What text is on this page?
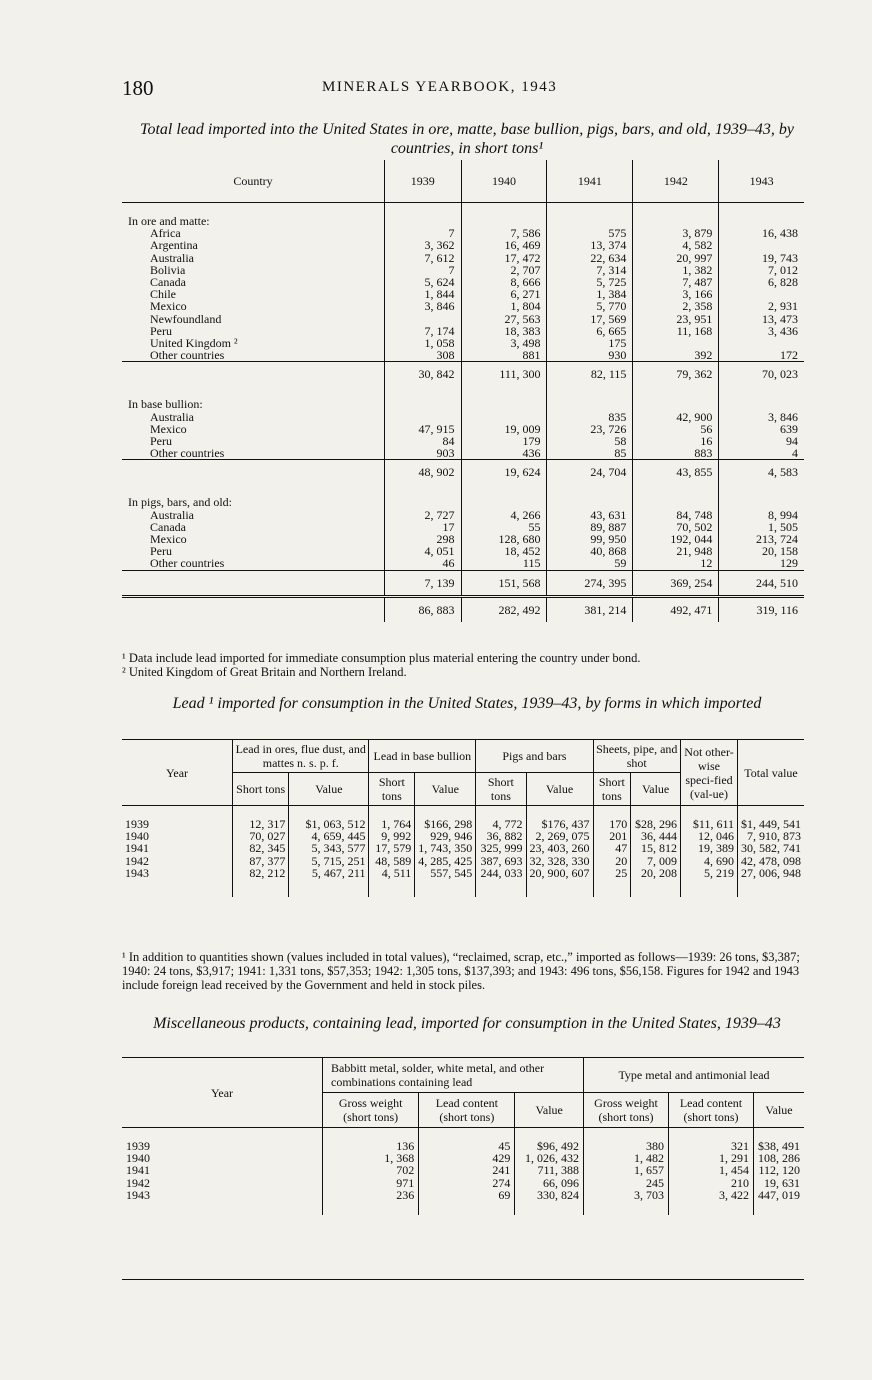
180	MINERALS YEARBOOK, 1943
Total lead imported into the United States in ore, matte, base bullion, pigs, bars, and old, 1939–43, by countries, in short tons¹
Country	1939	1940	1941	1942	1943

In ore and matte:					
Africa	7	7, 586	575	3, 879	16, 438
Argentina	3, 362	16, 469	13, 374	4, 582	
Australia	7, 612	17, 472	22, 634	20, 997	19, 743
Bolivia	7	2, 707	7, 314	1, 382	7, 012
Canada	5, 624	8, 666	5, 725	7, 487	6, 828
Chile	1, 844	6, 271	1, 384	3, 166	
Mexico	3, 846	1, 804	5, 770	2, 358	2, 931
Newfoundland		27, 563	17, 569	23, 951	13, 473
Peru	7, 174	18, 383	6, 665	11, 168	3, 436
United Kingdom ²	1, 058	3, 498	175		
Other countries	308	881	930	392	172
	30, 842	111, 300	82, 115	79, 362	70, 023

In base bullion:					
Australia			835	42, 900	3, 846
Mexico	47, 915	19, 009	23, 726	56	639
Peru	84	179	58	16	94
Other countries	903	436	85	883	4
	48, 902	19, 624	24, 704	43, 855	4, 583

In pigs, bars, and old:					
Australia	2, 727	4, 266	43, 631	84, 748	8, 994
Canada	17	55	89, 887	70, 502	1, 505
Mexico	298	128, 680	99, 950	192, 044	213, 724
Peru	4, 051	18, 452	40, 868	21, 948	20, 158
Other countries	46	115	59	12	129
	7, 139	151, 568	274, 395	369, 254	244, 510
	86, 883	282, 492	381, 214	492, 471	319, 116
¹ Data include lead imported for immediate consumption plus material entering the country under bond.
² United Kingdom of Great Britain and Northern Ireland.
Lead ¹ imported for consumption in the United States, 1939–43, by forms in which imported
Year	Lead in ores, flue dust, and mattes n. s. p. f.		Lead in base bullion		Pigs and bars		Sheets, pipe, and shot		Not other-wise speci-fied (val-ue)	Total value
	Short tons	Value	Short tons	Value	Short tons	Value	Short tons	Value		
1939	12, 317	$1, 063, 512	1, 764	$166, 298	4, 772	$176, 437	170	$28, 296	$11, 611	$1, 449, 541
1940	70, 027	4, 659, 445	9, 992	929, 946	36, 882	2, 269, 075	201	36, 444	12, 046	7, 910, 873
1941	82, 345	5, 343, 577	17, 579	1, 743, 350	325, 999	23, 403, 260	47	15, 812	19, 389	30, 582, 741
1942	87, 377	5, 715, 251	48, 589	4, 285, 425	387, 693	32, 328, 330	20	7, 009	4, 690	42, 478, 098
1943	82, 212	5, 467, 211	4, 511	557, 545	244, 033	20, 900, 607	25	20, 208	5, 219	27, 006, 948
¹ In addition to quantities shown (values included in total values), “reclaimed, scrap, etc.,” imported as follows—1939: 26 tons, $3,387; 1940: 24 tons, $3,917; 1941: 1,331 tons, $57,353; 1942: 1,305 tons, $137,393; and 1943: 496 tons, $56,158. Figures for 1942 and 1943 include foreign lead received by the Government and held in stock piles.
Miscellaneous products, containing lead, imported for consumption in the United States, 1939–43
Year	Babbitt metal, solder, white metal, and other combinations containing lead			Type metal and antimonial lead		
	Gross weight (short tons)	Lead content (short tons)	Value	Gross weight (short tons)	Lead content (short tons)	Value
1939	136	45	$96, 492	380	321	$38, 491
1940	1, 368	429	1, 026, 432	1, 482	1, 291	108, 286
1941	702	241	711, 388	1, 657	1, 454	112, 120
1942	971	274	66, 096	245	210	19, 631
1943	236	69	330, 824	3, 703	3, 422	447, 019
